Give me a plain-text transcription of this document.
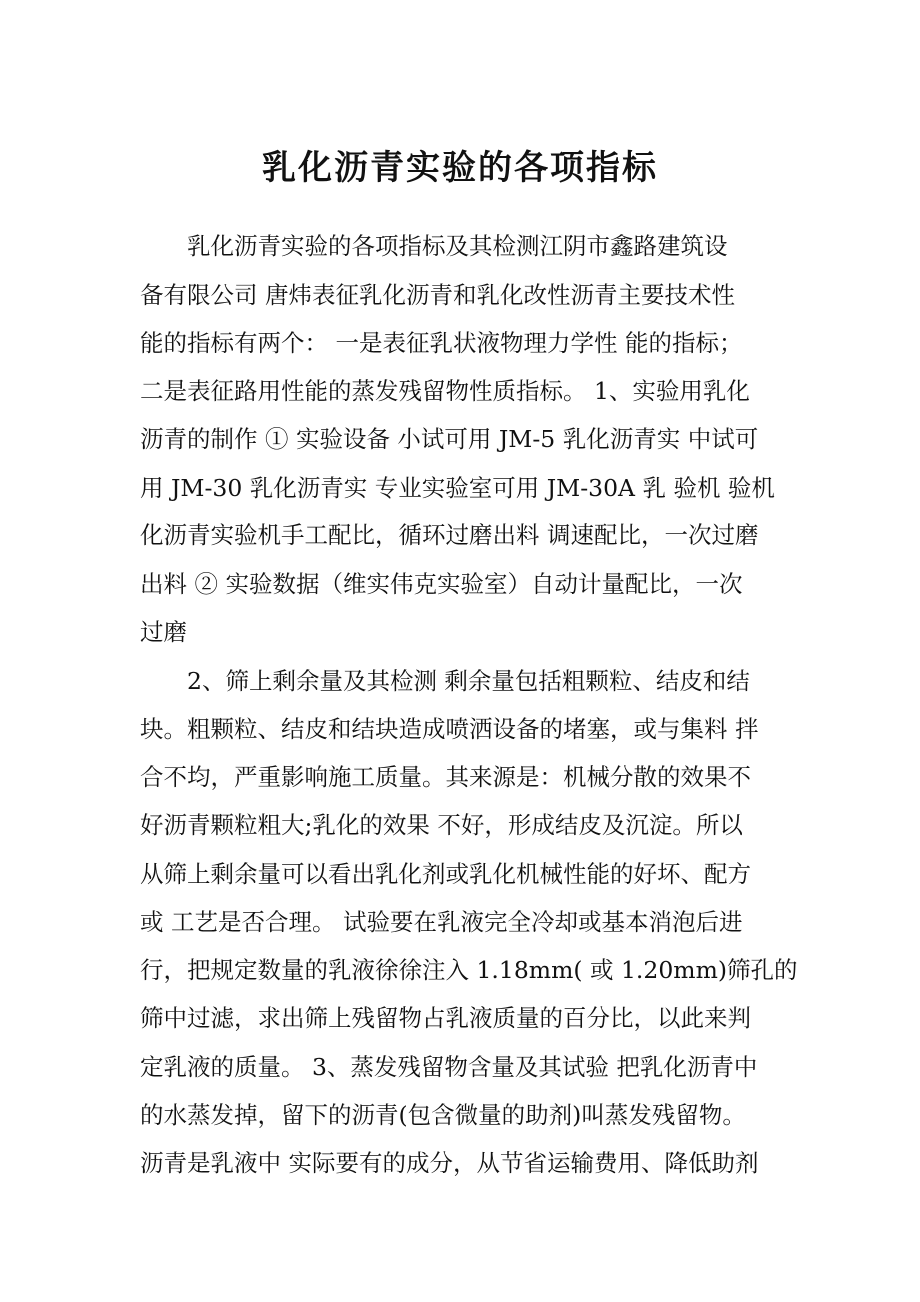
乳化沥青实验的各项指标
乳化沥青实验的各项指标及其检测江阴市鑫路建筑设
备有限公司 唐炜表征乳化沥青和乳化改性沥青主要技术性
能的指标有两个： 一是表征乳状液物理力学性 能的指标；
二是表征路用性能的蒸发残留物性质指标。 1、实验用乳化
沥青的制作 ① 实验设备 小试可用 JM-5 乳化沥青实 中试可
用 JM-30 乳化沥青实 专业实验室可用 JM-30A 乳 验机 验机
化沥青实验机手工配比，循环过磨出料 调速配比，一次过磨
出料 ② 实验数据（维实伟克实验室）自动计量配比，一次
过磨
2、筛上剩余量及其检测 剩余量包括粗颗粒、结皮和结
块。粗颗粒、结皮和结块造成喷洒设备的堵塞，或与集料 拌
合不均，严重影响施工质量。其来源是：机械分散的效果不
好沥青颗粒粗大;乳化的效果 不好，形成结皮及沉淀。所以
从筛上剩余量可以看出乳化剂或乳化机械性能的好坏、配方
或 工艺是否合理。 试验要在乳液完全冷却或基本消泡后进
行，把规定数量的乳液徐徐注入 1.18mm( 或 1.20mm)筛孔的
筛中过滤，求出筛上残留物占乳液质量的百分比，以此来判
定乳液的质量。 3、蒸发残留物含量及其试验 把乳化沥青中
的水蒸发掉，留下的沥青(包含微量的助剂)叫蒸发残留物。
沥青是乳液中 实际要有的成分，从节省运输费用、降低助剂
